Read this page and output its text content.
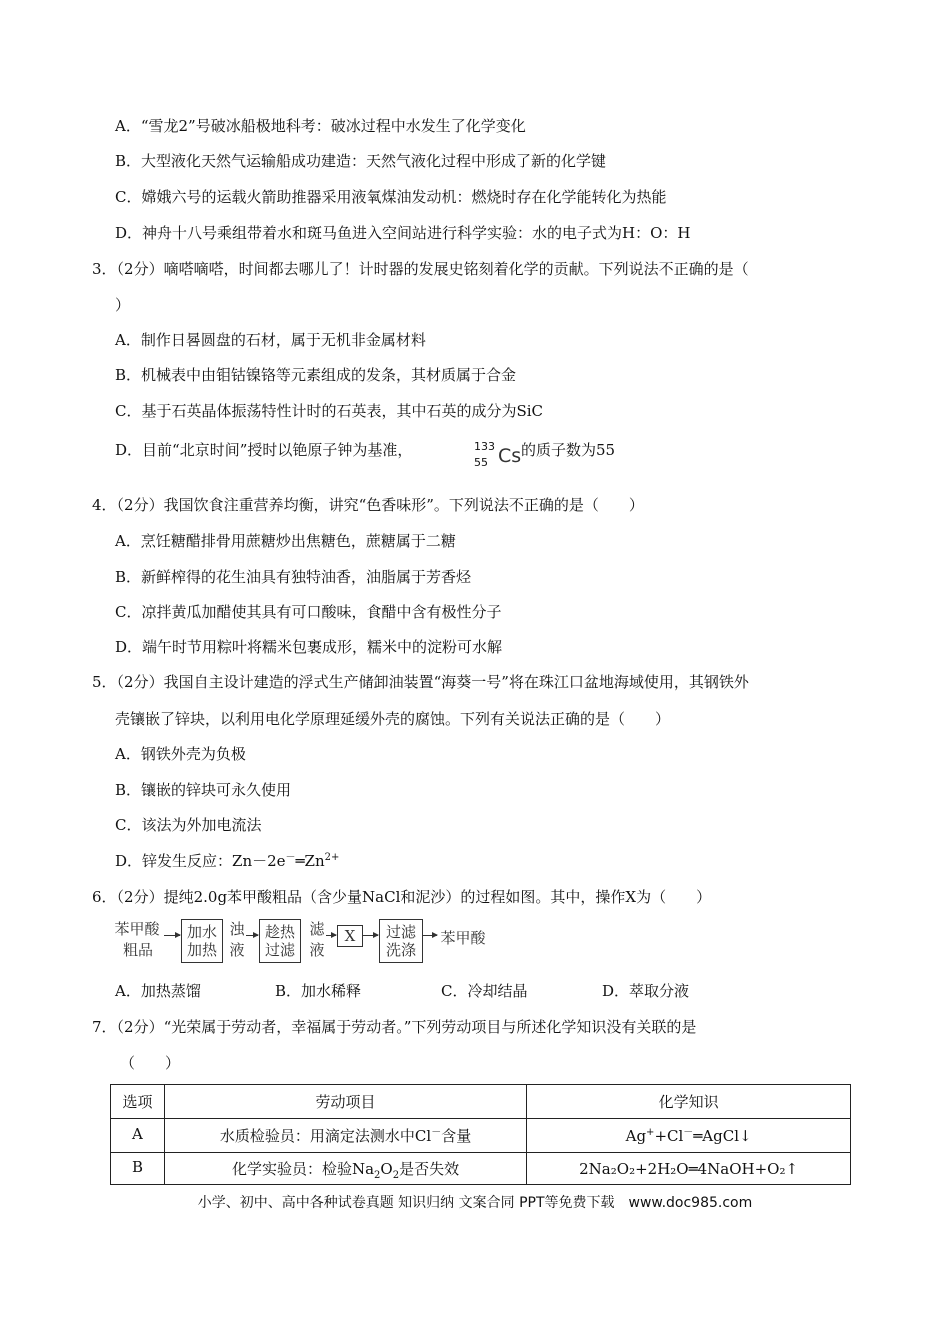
A．“雪龙2”号破冰船极地科考：破冰过程中水发生了化学变化
B．大型液化天然气运输船成功建造：天然气液化过程中形成了新的化学键
C．嫦娥六号的运载火箭助推器采用液氧煤油发动机：燃烧时存在化学能转化为热能
D．神舟十八号乘组带着水和斑马鱼进入空间站进行科学实验：水的电子式为H：O：H
3．（2分）嘀嗒嘀嗒，时间都去哪儿了！计时器的发展史铭刻着化学的贡献。下列说法不正确的是（
）
A．制作日晷圆盘的石材，属于无机非金属材料
B．机械表中由钼钴镍铬等元素组成的发条，其材质属于合金
C．基于石英晶体振荡特性计时的石英表，其中石英的成分为SiC
D．目前“北京时间”授时以铯原子钟为基准，	133
55 Cs 的质子数为55
4．（2分）我国饮食注重营养均衡，讲究“色香味形”。下列说法不正确的是（　　）
A．烹饪糖醋排骨用蔗糖炒出焦糖色，蔗糖属于二糖
B．新鲜榨得的花生油具有独特油香，油脂属于芳香烃
C．凉拌黄瓜加醋使其具有可口酸味，食醋中含有极性分子
D．端午时节用粽叶将糯米包裹成形，糯米中的淀粉可水解
5．（2分）我国自主设计建造的浮式生产储卸油装置“海葵一号”将在珠江口盆地海域使用，其钢铁外
壳镶嵌了锌块，以利用电化学原理延缓外壳的腐蚀。下列有关说法正确的是（　　）
A．钢铁外壳为负极
B．镶嵌的锌块可永久使用
C．该法为外加电流法
D．锌发生反应：$Zn-2e^-═Zn^{2+}$
6．（2分）提纯2.0g苯甲酸粗品（含少量NaCl和泥沙）的过程如图。其中，操作X为（　　）
苯甲酸
粗品
加水
加热
浊
液
趁热
过滤
滤
液
X	过滤
洗涤
苯甲酸
A．加热蒸馏	B．加水稀释	C．冷却结晶	D．萃取分液
7．（2分）“光荣属于劳动者，幸福属于劳动者。”下列劳动项目与所述化学知识没有关联的是
（　　）
选项	劳动项目	化学知识
A	水质检验员：用滴定法测水中Cl－含量	Ag++Cl－═AgCl↓
B	化学实验员：检验$Na_2O_2$是否失效	2Na₂O₂+2H₂O═4NaOH+O₂↑
小学、初中、高中各种试卷真题 知识归纳 文案合同 PPT等免费下载　www.doc985.com
